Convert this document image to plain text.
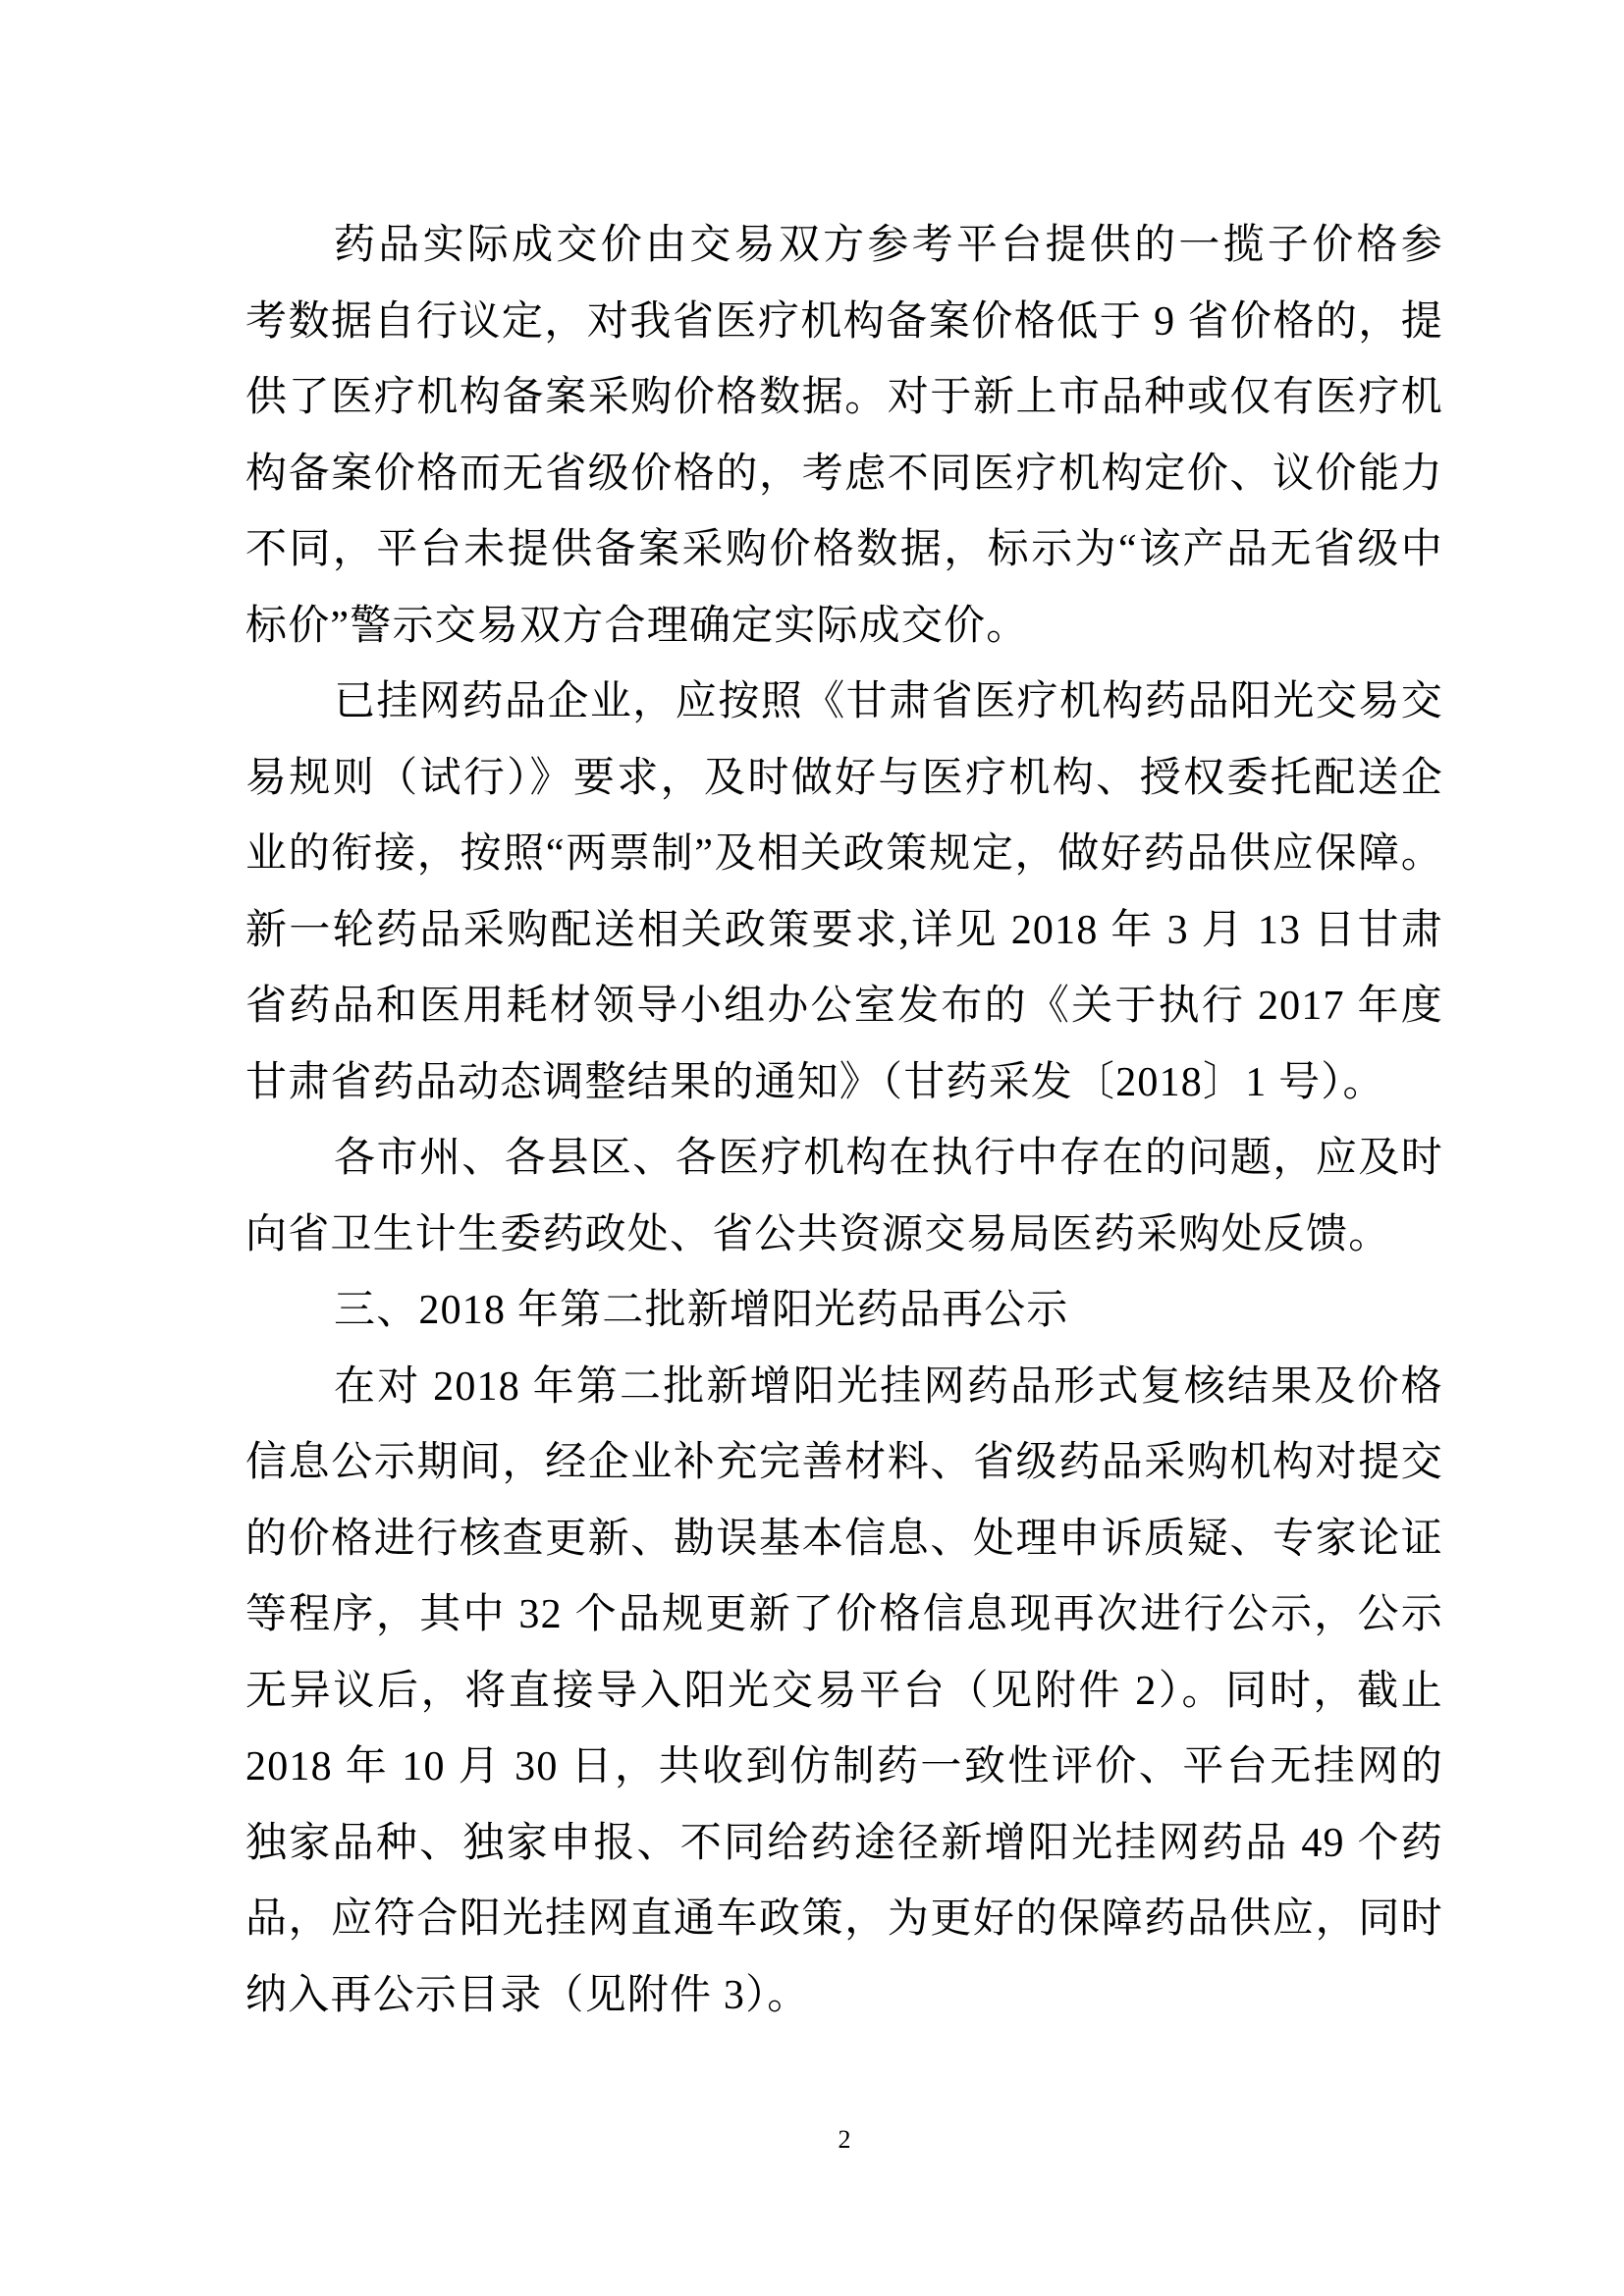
药品实际成交价由交易双方参考平台提供的一揽子价格参
考数据自行议定，对我省医疗机构备案价格低于 9 省价格的，提
供了医疗机构备案采购价格数据。对于新上市品种或仅有医疗机
构备案价格而无省级价格的，考虑不同医疗机构定价、议价能力
不同，平台未提供备案采购价格数据，标示为“该产品无省级中
标价”警示交易双方合理确定实际成交价。
已挂网药品企业，应按照《甘肃省医疗机构药品阳光交易交
易规则（试行）》要求，及时做好与医疗机构、授权委托配送企
业的衔接，按照“两票制”及相关政策规定，做好药品供应保障。
新一轮药品采购配送相关政策要求,详见 2018 年 3 月 13 日甘肃
省药品和医用耗材领导小组办公室发布的《关于执行 2017 年度
甘肃省药品动态调整结果的通知》（甘药采发〔2018〕1 号）。
各市州、各县区、各医疗机构在执行中存在的问题，应及时
向省卫生计生委药政处、省公共资源交易局医药采购处反馈。
三、2018 年第二批新增阳光药品再公示
在对 2018 年第二批新增阳光挂网药品形式复核结果及价格
信息公示期间，经企业补充完善材料、省级药品采购机构对提交
的价格进行核查更新、勘误基本信息、处理申诉质疑、专家论证
等程序，其中 32 个品规更新了价格信息现再次进行公示，公示
无异议后，将直接导入阳光交易平台（见附件 2）。同时，截止
2018 年 10 月 30 日，共收到仿制药一致性评价、平台无挂网的
独家品种、独家申报、不同给药途径新增阳光挂网药品 49 个药
品，应符合阳光挂网直通车政策，为更好的保障药品供应，同时
纳入再公示目录（见附件 3）。
2
